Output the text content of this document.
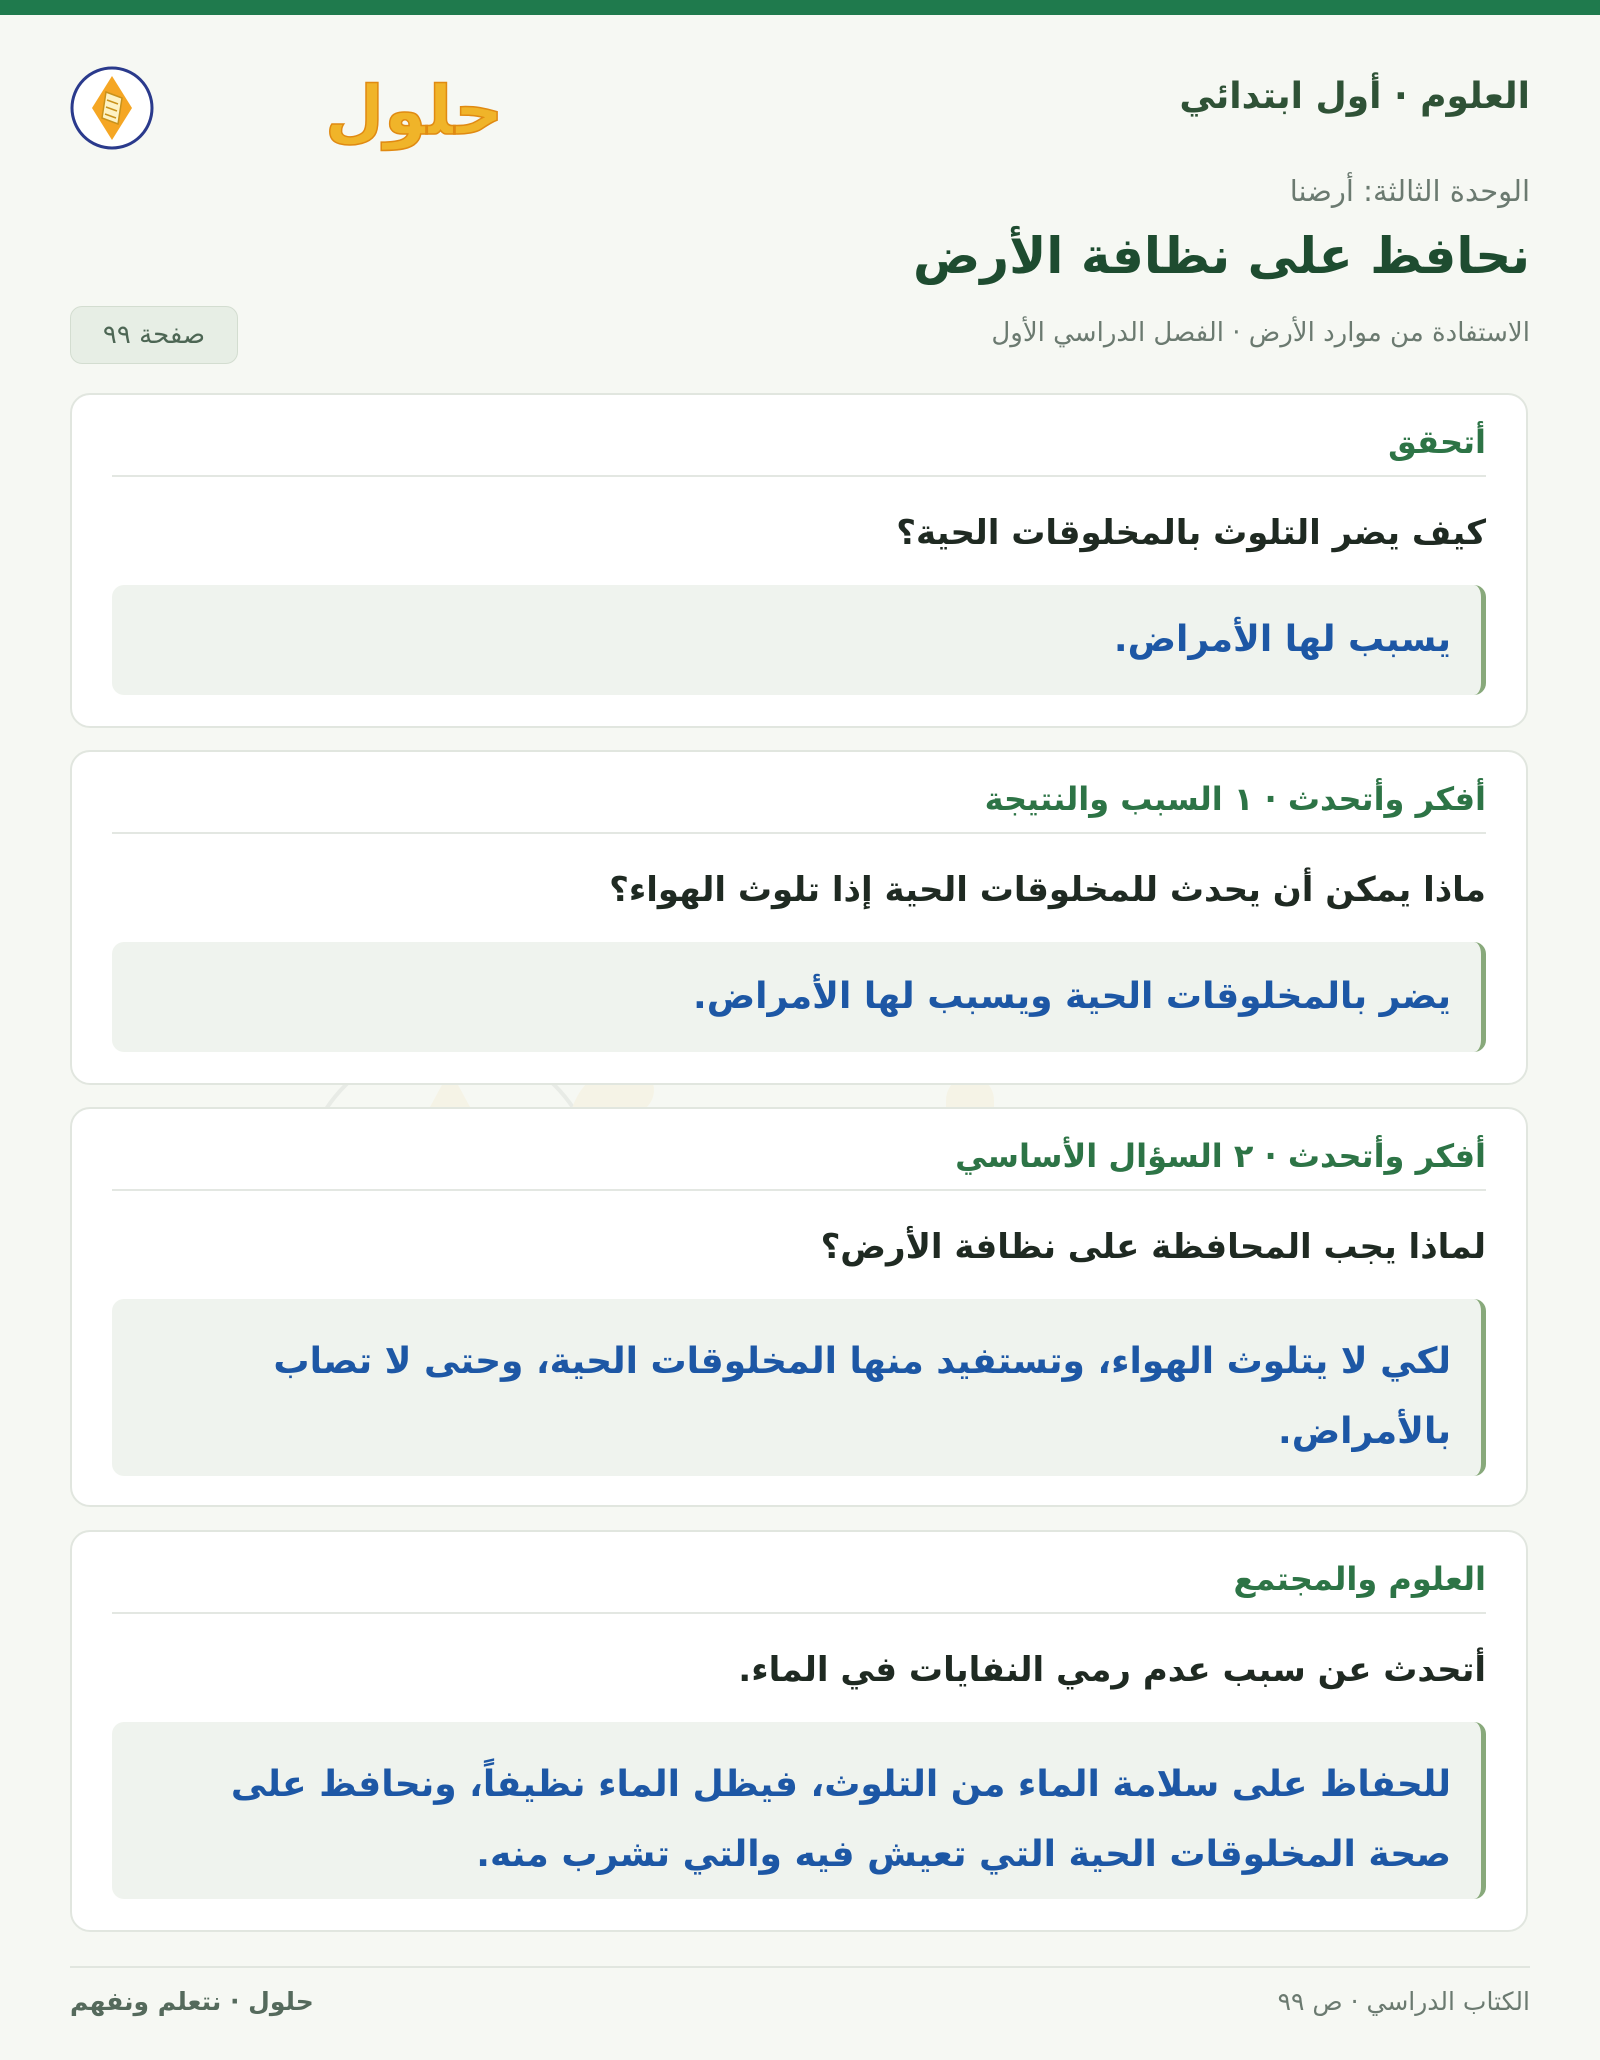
حلول	العلوم · أول ابتدائي
الوحدة الثالثة: أرضنا
نحافظ على نظافة الأرض
الاستفادة من موارد الأرض · الفصل الدراسي الأول
صفحة ٩٩
أتحقق
كيف يضر التلوث بالمخلوقات الحية؟
يسبب لها الأمراض.
أفكر وأتحدث · ١ السبب والنتيجة
ماذا يمكن أن يحدث للمخلوقات الحية إذا تلوث الهواء؟
يضر بالمخلوقات الحية ويسبب لها الأمراض.
أفكر وأتحدث · ٢ السؤال الأساسي
لماذا يجب المحافظة على نظافة الأرض؟
لكي لا يتلوث الهواء، وتستفيد منها المخلوقات الحية، وحتى لا تصاب بالأمراض.
العلوم والمجتمع
أتحدث عن سبب عدم رمي النفايات في الماء.
للحفاظ على سلامة الماء من التلوث، فيظل الماء نظيفاً، ونحافظ على صحة المخلوقات الحية التي تعيش فيه والتي تشرب منه.
الكتاب الدراسي · ص ٩٩
حلول · نتعلم ونفهم
